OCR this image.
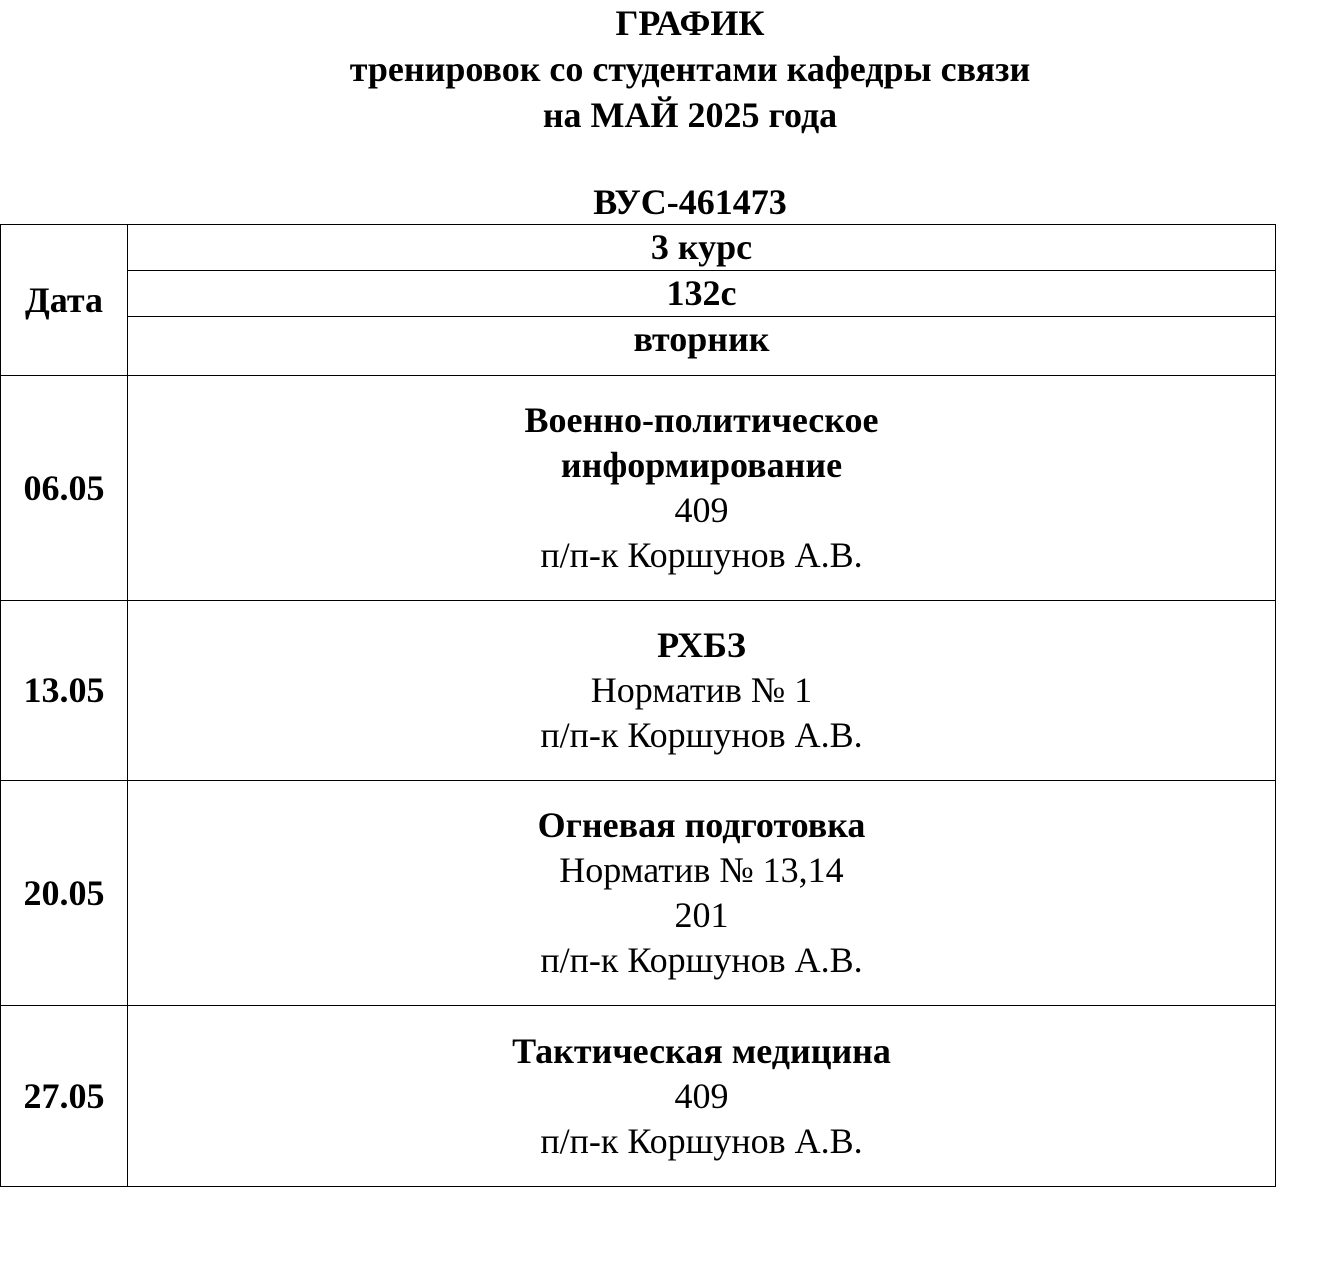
ГРАФИК
тренировок со студентами кафедры связи
на МАЙ 2025 года
ВУС-461473
Дата	3 курс
	132с
	вторник
06.05	Военно-политическое
информирование
409
п/п-к Коршунов А.В.

13.05	РХБЗ
Норматив № 1
п/п-к Коршунов А.В.

20.05	Огневая подготовка
Норматив № 13,14
201
п/п-к Коршунов А.В.

27.05	Тактическая медицина
409
п/п-к Коршунов А.В.
